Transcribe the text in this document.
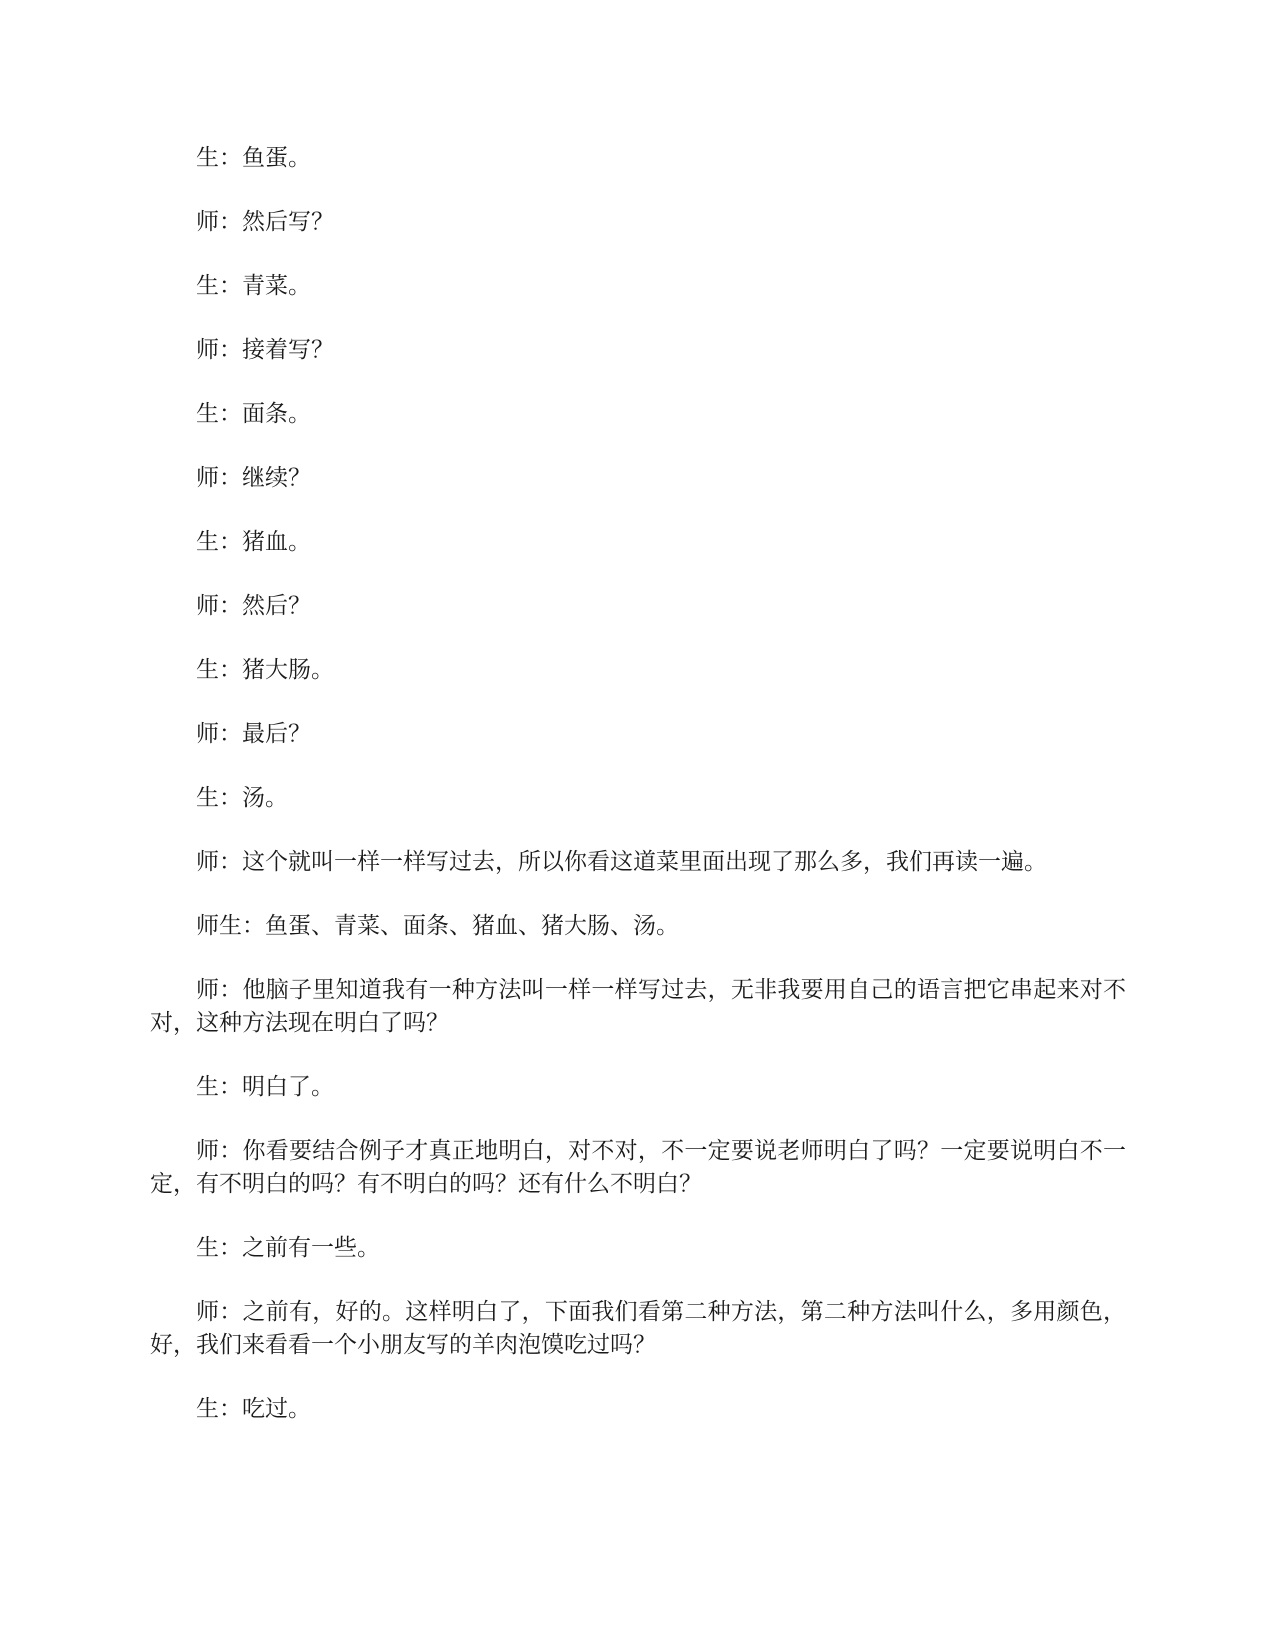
生：鱼蛋。

师：然后写？

生：青菜。

师：接着写？

生：面条。

师：继续？

生：猪血。

师：然后？

生：猪大肠。

师：最后？

生：汤。

师：这个就叫一样一样写过去，所以你看这道菜里面出现了那么多，我们再读一遍。

师生：鱼蛋、青菜、面条、猪血、猪大肠、汤。

师：他脑子里知道我有一种方法叫一样一样写过去，无非我要用自己的语言把它串起来对不对，这种方法现在明白了吗？

生：明白了。

师：你看要结合例子才真正地明白，对不对，不一定要说老师明白了吗？一定要说明白不一定，有不明白的吗？有不明白的吗？还有什么不明白？

生：之前有一些。

师：之前有，好的。这样明白了，下面我们看第二种方法，第二种方法叫什么，多用颜色，好，我们来看看一个小朋友写的羊肉泡馍吃过吗？

生：吃过。
